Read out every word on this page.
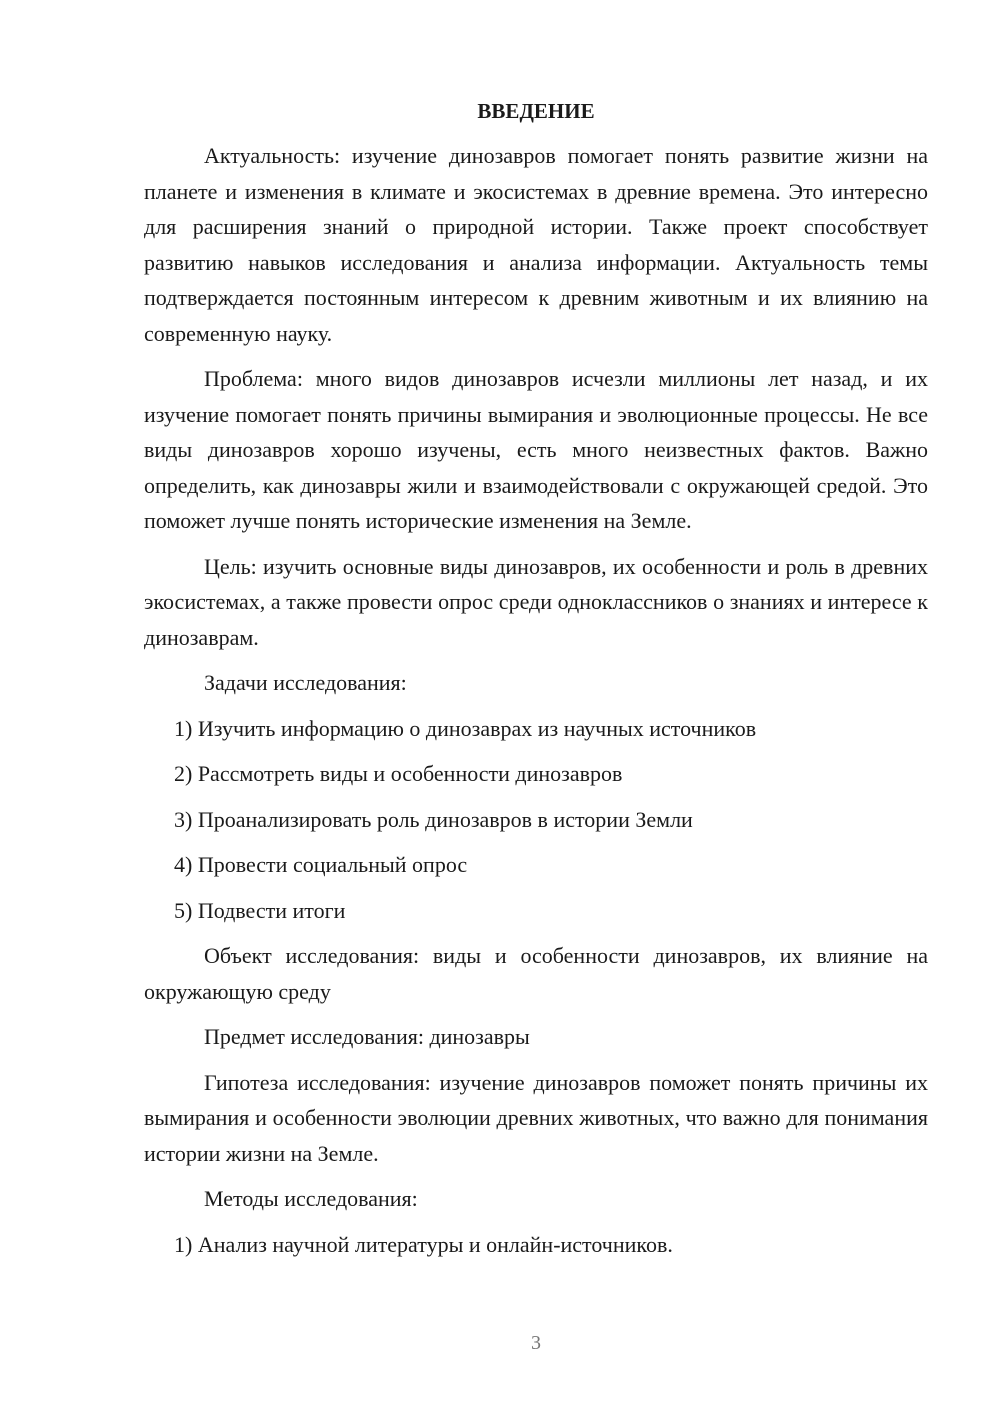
ВВЕДЕНИЕ

Актуальность: изучение динозавров помогает понять развитие жизни на планете и изменения в климате и экосистемах в древние времена. Это интересно для расширения знаний о природной истории. Также проект способствует развитию навыков исследования и анализа информации. Актуальность темы подтверждается постоянным интересом к древним животным и их влиянию на современную науку.

Проблема: много видов динозавров исчезли миллионы лет назад, и их изучение помогает понять причины вымирания и эволюционные процессы. Не все виды динозавров хорошо изучены, есть много неизвестных фактов. Важно определить, как динозавры жили и взаимодействовали с окружающей средой. Это поможет лучше понять исторические изменения на Земле.

Цель: изучить основные виды динозавров, их особенности и роль в древних экосистемах, а также провести опрос среди одноклассников о знаниях и интересе к динозаврам.

Задачи исследования:

1) Изучить информацию о динозаврах из научных источников

2) Рассмотреть виды и особенности динозавров

3) Проанализировать роль динозавров в истории Земли

4) Провести социальный опрос

5) Подвести итоги

Объект исследования: виды и особенности динозавров, их влияние на окружающую среду

Предмет исследования: динозавры

Гипотеза исследования: изучение динозавров поможет понять причины их вымирания и особенности эволюции древних животных, что важно для понимания истории жизни на Земле.

Методы исследования:

1) Анализ научной литературы и онлайн-источников.

3
